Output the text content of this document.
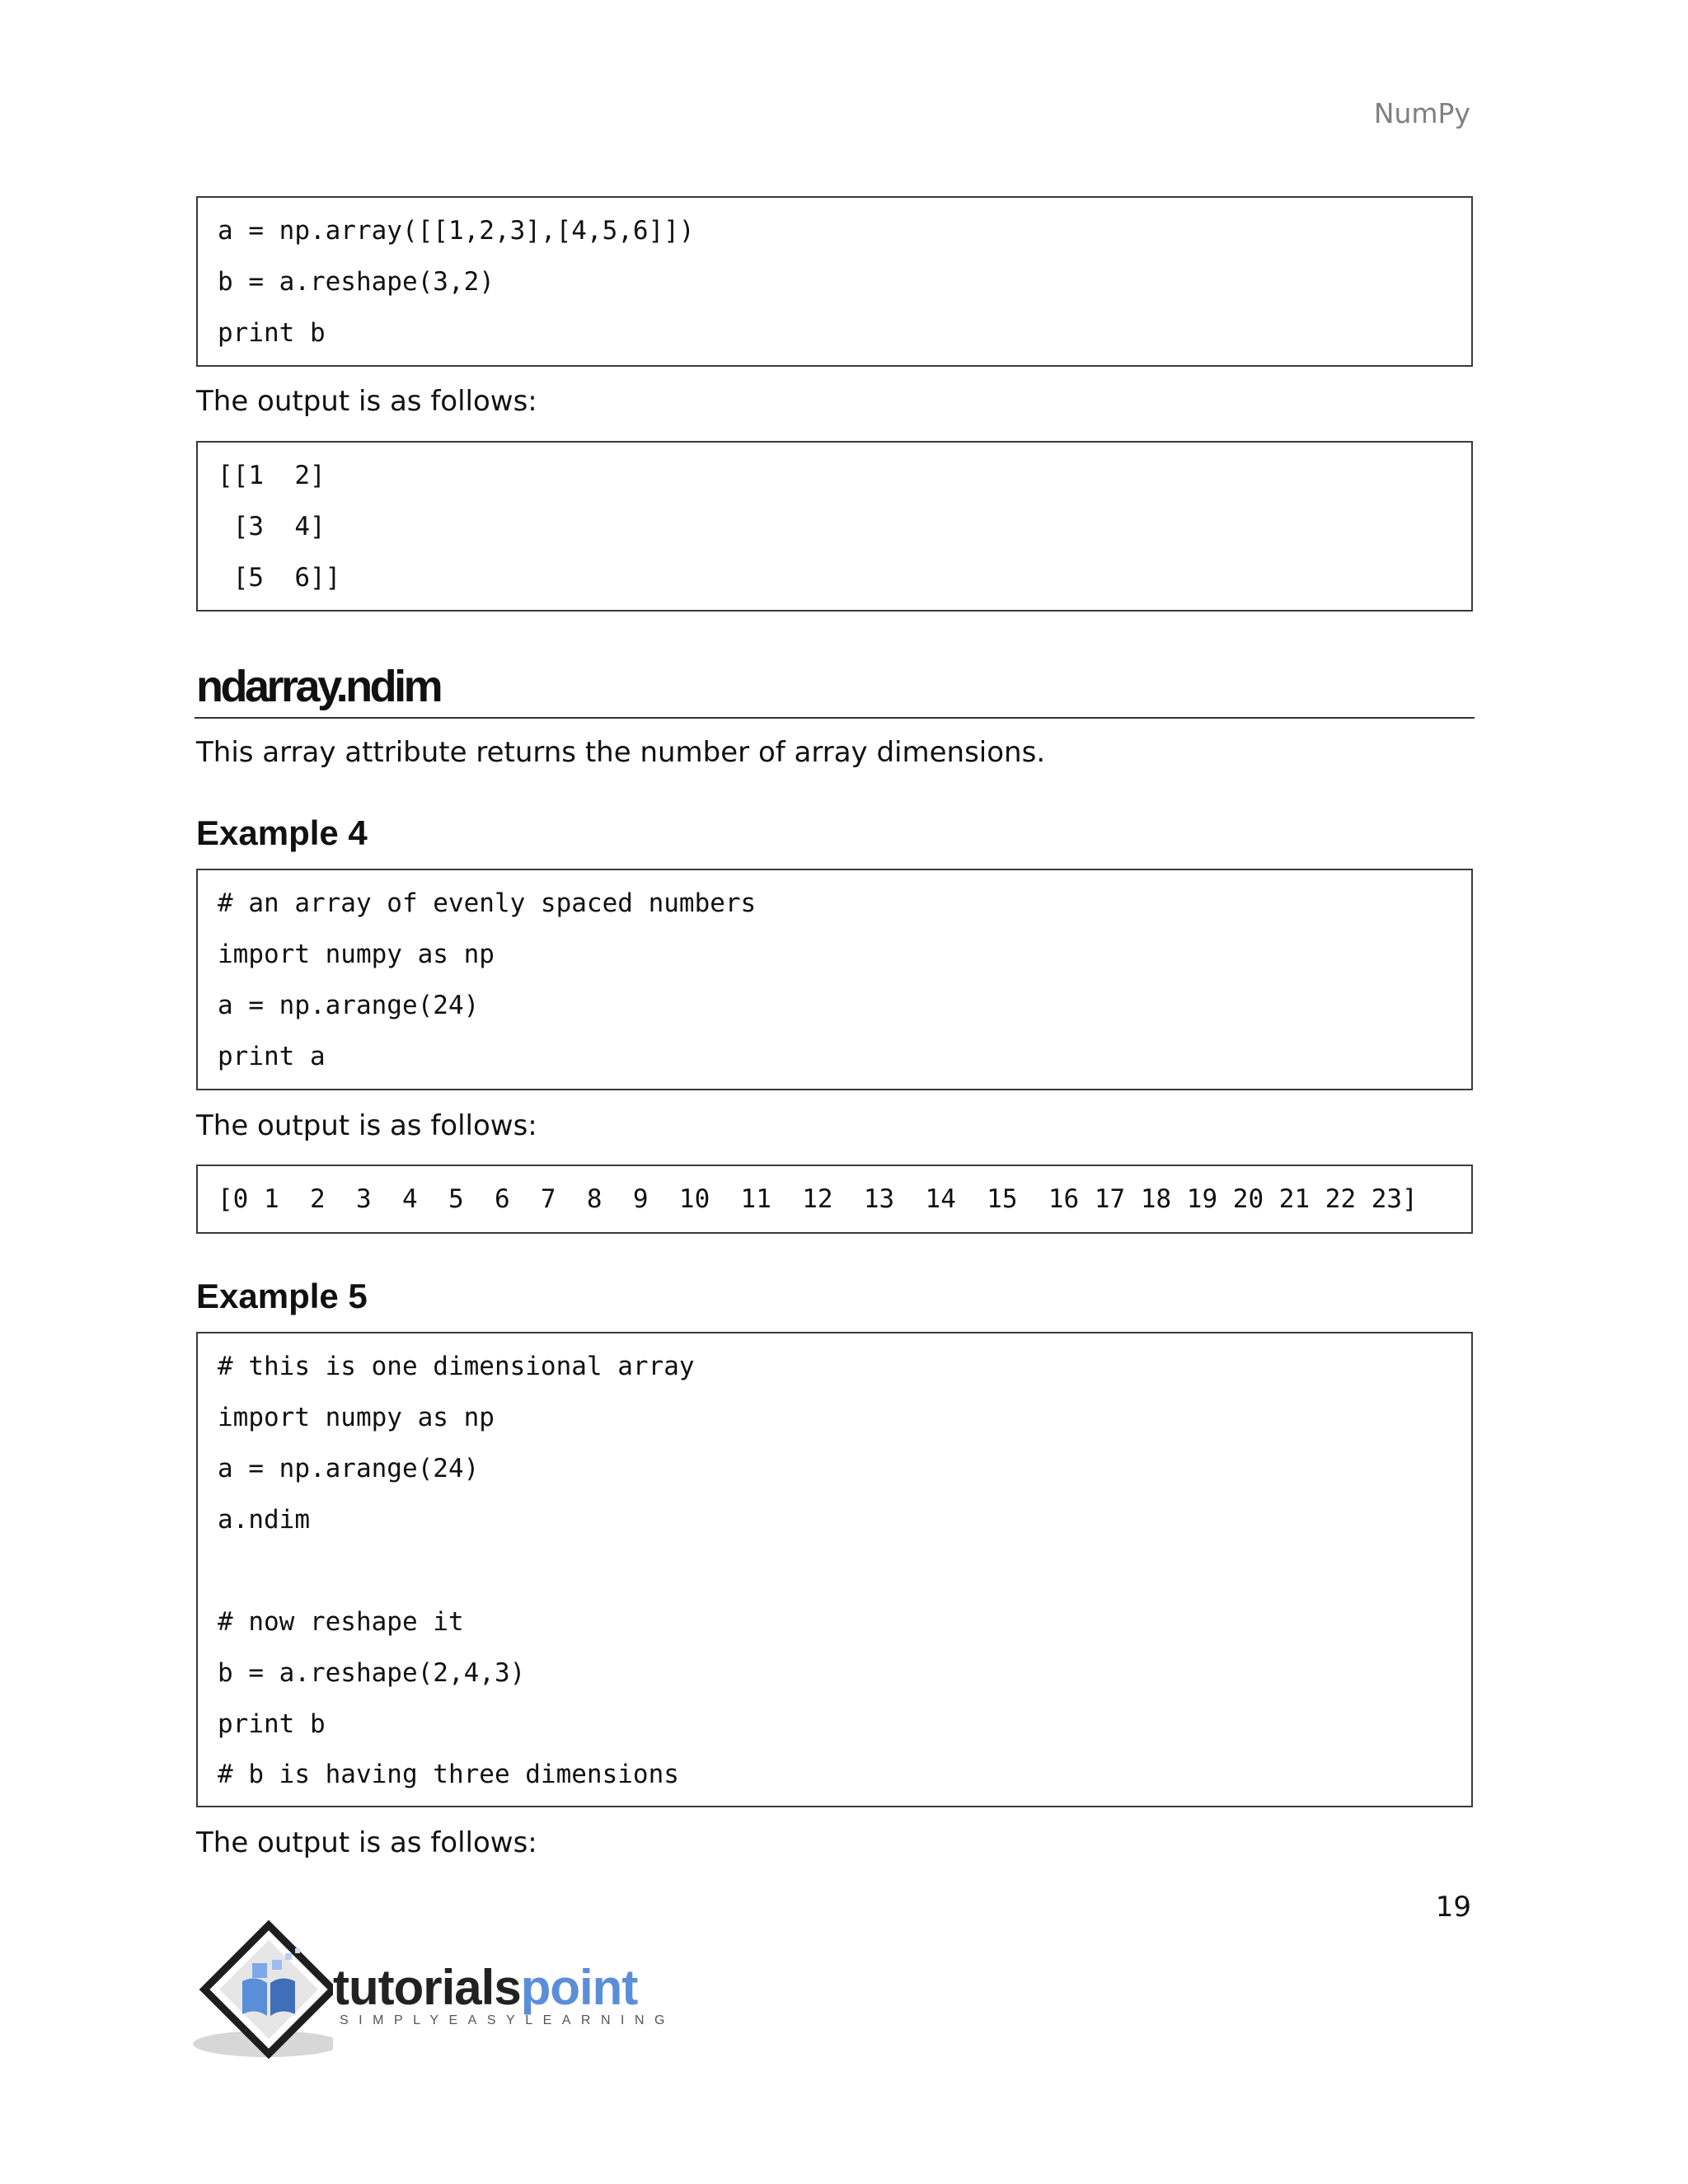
NumPy
a = np.array([[1,2,3],[4,5,6]])
b = a.reshape(3,2)
print b
The output is as follows:
[[1  2]
[3  4]
[5  6]]
ndarray.ndim
This array attribute returns the number of array dimensions.
Example 4
# an array of evenly spaced numbers
import numpy as np
a = np.arange(24)
print a
The output is as follows:
[0 1  2  3  4  5  6  7  8  9  10  11  12  13  14  15  16 17 18 19 20 21 22 23]
Example 5
# this is one dimensional array
import numpy as np
a = np.arange(24)
a.ndim
# now reshape it
b = a.reshape(2,4,3)
print b
# b is having three dimensions
The output is as follows:
19
tutorialspoint
SIMPLYEASYLEARNING
